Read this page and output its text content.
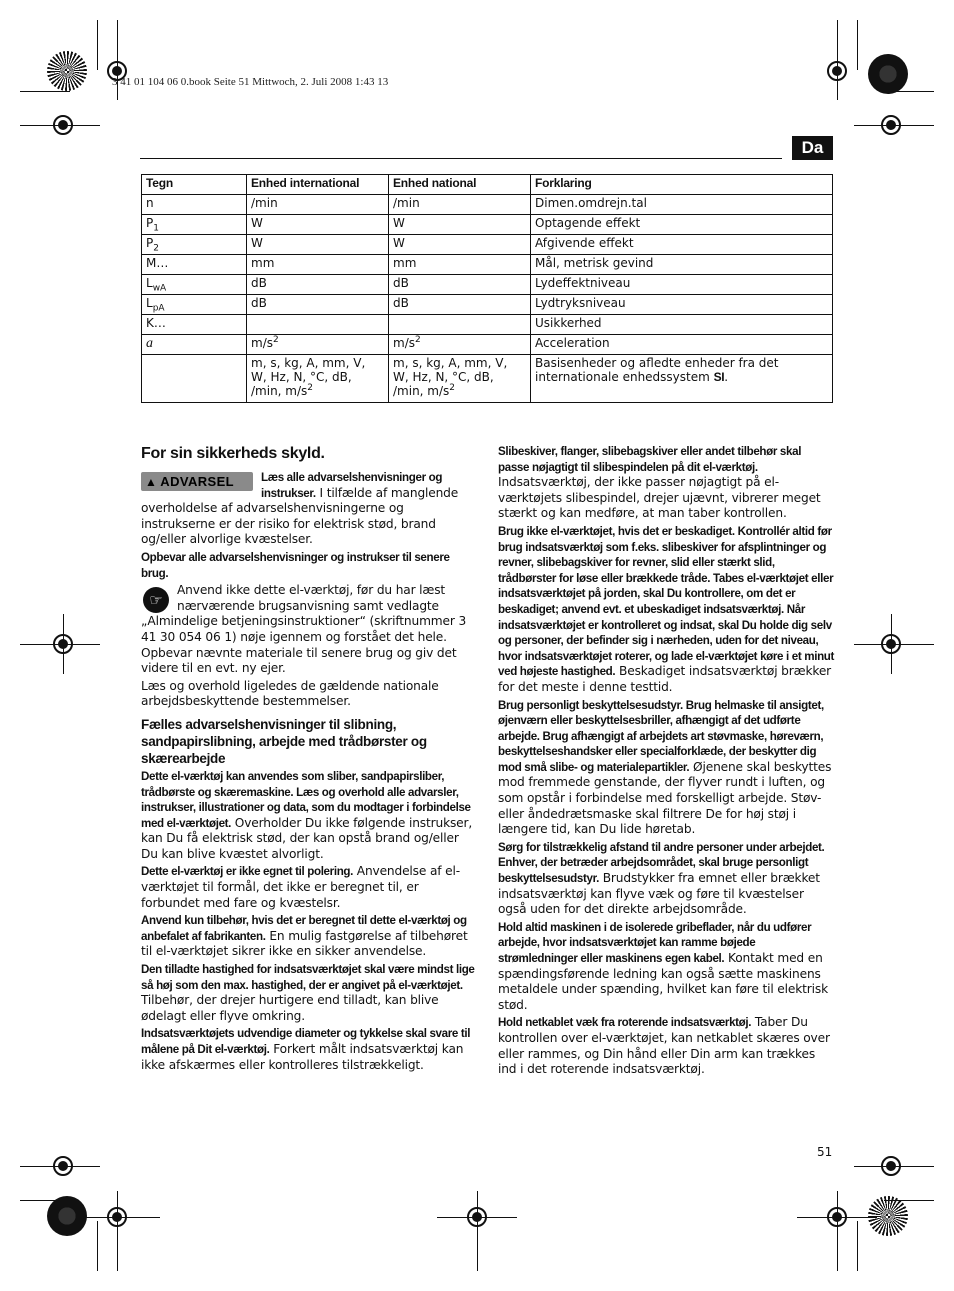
3 41 01 104 06 0.book Seite 51 Mittwoch, 2. Juli 2008 1:43 13
Da
Tegn	Enhed international	Enhed national	Forklaring
n	/min	/min	Dimen.omdrejn.tal
$P_1$	W	W	Optagende effekt
$P_2$	W	W	Afgivende effekt
M…	mm	mm	Mål, metrisk gevind
$L_{wA}$	dB	dB	Lydeffektniveau
$L_{pA}$	dB	dB	Lydtryksniveau
K…			Usikkerhed
a	$m/s^2$	$m/s^2$	Acceleration
	m, s, kg, A, mm, V, W, Hz, N, °C, dB, /min, $m/s^2$	m, s, kg, A, mm, V, W, Hz, N, °C, dB, /min, $m/s^2$	Basisenheder og afledte enheder fra det internationale enhedssystem SI.
For sin sikkerheds skyld.

▲ ADVARSEL	Læs alle advarselshenvisninger og instrukser. I tilfælde af manglende overholdelse af advarselshenvisningerne og instrukserne er der risiko for elektrisk stød, brand og/eller alvorlige kvæstelser.

Opbevar alle advarselshenvisninger og instrukser til senere brug.

☞
Anvend ikke dette el-værktøj, før du har læst nærværende brugsanvisning samt vedlagte „Almindelige betjeningsinstruktioner“ (skriftnummer 3 41 30 054 06 1) nøje igennem og forstået det hele. Opbevar nævnte materiale til senere brug og giv det videre til en evt. ny ejer.

Læs og overhold ligeledes de gældende nationale arbejdsbeskyttende bestemmelser.

Fælles advarselshenvisninger til slibning, sandpapirslibning, arbejde med trådbørster og skærearbejde

Dette el-værktøj kan anvendes som sliber, sandpapirsliber, trådbørste og skæremaskine. Læs og overhold alle advarsler, instrukser, illustrationer og data, som du modtager i forbindelse med el-værktøjet. Overholder Du ikke følgende instrukser, kan Du få elektrisk stød, der kan opstå brand og/eller Du kan blive kvæstet alvorligt.

Dette el-værktøj er ikke egnet til polering. Anvendelse af el-værktøjet til formål, det ikke er beregnet til, er forbundet med fare og kvæstelsr.

Anvend kun tilbehør, hvis det er beregnet til dette el-værktøj og anbefalet af fabrikanten. En mulig fastgørelse af tilbehøret til el-værktøjet sikrer ikke en sikker anvendelse.

Den tilladte hastighed for indsatsværktøjet skal være mindst lige så høj som den max. hastighed, der er angivet på el-værktøjet. Tilbehør, der drejer hurtigere end tilladt, kan blive ødelagt eller flyve omkring.

Indsatsværktøjets udvendige diameter og tykkelse skal svare til målene på Dit el-værktøj. Forkert målt indsatsværktøj kan ikke afskærmes eller kontrolleres tilstrækkeligt.

Slibeskiver, flanger, slibebagskiver eller andet tilbehør skal passe nøjagtigt til slibespindelen på dit el-værktøj. Indsatsværktøj, der ikke passer nøjagtigt på el-værktøjets slibespindel, drejer ujævnt, vibrerer meget stærkt og kan medføre, at man taber kontrollen.

Brug ikke el-værktøjet, hvis det er beskadiget. Kontrollér altid før brug indsatsværktøj som f.eks. slibeskiver for afsplintninger og revner, slibebagskiver for revner, slid eller stærkt slid, trådbørster for løse eller brækkede tråde. Tabes el-værktøjet eller indsatsværktøjet på jorden, skal Du kontrollere, om det er beskadiget; anvend evt. et ubeskadiget indsatsværktøj. Når indsatsværktøjet er kontrolleret og indsat, skal Du holde dig selv og personer, der befinder sig i nærheden, uden for det niveau, hvor indsatsværktøjet roterer, og lade el-værktøjet køre i et minut ved højeste hastighed. Beskadiget indsatsværktøj brækker for det meste i denne testtid.

Brug personligt beskyttelsesudstyr. Brug helmaske til ansigtet, øjenværn eller beskyttelsesbriller, afhængigt af det udførte arbejde. Brug afhængigt af arbejdets art støvmaske, høreværn, beskyttelseshandsker eller specialforklæde, der beskytter dig mod små slibe- og materialepartikler. Øjenene skal beskyttes mod fremmede genstande, der flyver rundt i luften, og som opstår i forbindelse med forskelligt arbejde. Støv- eller åndedrætsmaske skal filtrere De for høj støj i længere tid, kan Du lide høretab.

Sørg for tilstrækkelig afstand til andre personer under arbejdet. Enhver, der betræder arbejdsområdet, skal bruge personligt beskyttelsesudstyr. Brudstykker fra emnet eller brækket indsatsværktøj kan flyve væk og føre til kvæstelser også uden for det direkte arbejdsområde.

Hold altid maskinen i de isolerede gribeflader, når du udfører arbejde, hvor indsatsværktøjet kan ramme bøjede strømledninger eller maskinens egen kabel. Kontakt med en spændingsførende ledning kan også sætte maskinens metaldele under spænding, hvilket kan føre til elektrisk stød.

Hold netkablet væk fra roterende indsatsværktøj. Taber Du kontrollen over el-værktøjet, kan netkablet skæres over eller rammes, og Din hånd eller Din arm kan trækkes ind i det roterende indsatsværktøj.

51
